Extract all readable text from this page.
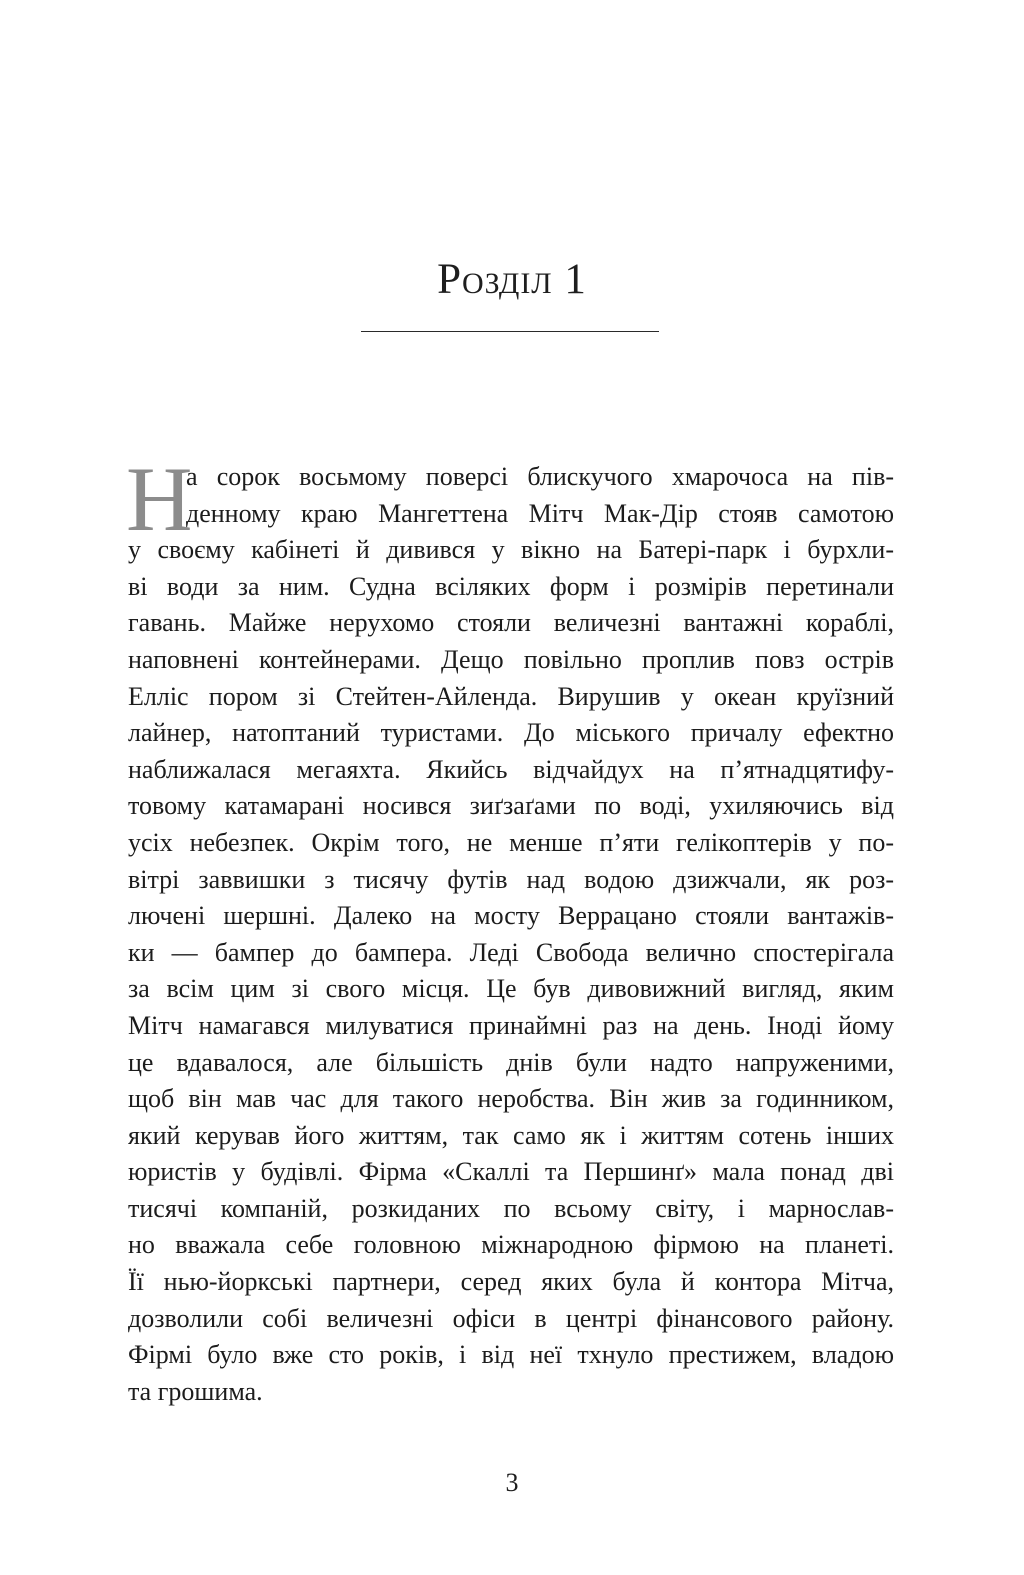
Розділ 1
Н
а сорок восьмому поверсі блискучого хмарочоса на пів-
денному краю Мангеттена Мітч Мак-Дір стояв самотою
у своєму кабінеті й дивився у вікно на Батері-парк і бурхли-
ві води за ним. Судна всіляких форм і розмірів перетинали
гавань. Майже нерухомо стояли величезні вантажні кораблі,
наповнені контейнерами. Дещо повільно проплив повз острів
Елліс пором зі Стейтен-Айленда. Вирушив у океан круїзний
лайнер, натоптаний туристами. До міського причалу ефектно
наближалася мегаяхта. Якийсь відчайдух на п’ятнадцятифу-
товому катамарані носився зиґзаґами по воді, ухиляючись від
усіх небезпек. Окрім того, не менше п’яти гелікоптерів у по-
вітрі заввишки з тисячу футів над водою дзижчали, як роз-
лючені шершні. Далеко на мосту Веррацано стояли вантажів-
ки — бампер до бампера. Леді Свобода велично спостерігала
за всім цим зі свого місця. Це був дивовижний вигляд, яким
Мітч намагався милуватися принаймні раз на день. Іноді йому
це вдавалося, але більшість днів були надто напруженими,
щоб він мав час для такого неробства. Він жив за годинником,
який керував його життям, так само як і життям сотень інших
юристів у будівлі. Фірма «Скаллі та Першинґ» мала понад дві
тисячі компаній, розкиданих по всьому світу, і марнослав-
но вважала себе головною міжнародною фірмою на планеті.
Її нью-йоркські партнери, серед яких була й контора Мітча,
дозволили собі величезні офіси в центрі фінансового району.
Фірмі було вже сто років, і від неї тхнуло престижем, владою
та грошима.
3
